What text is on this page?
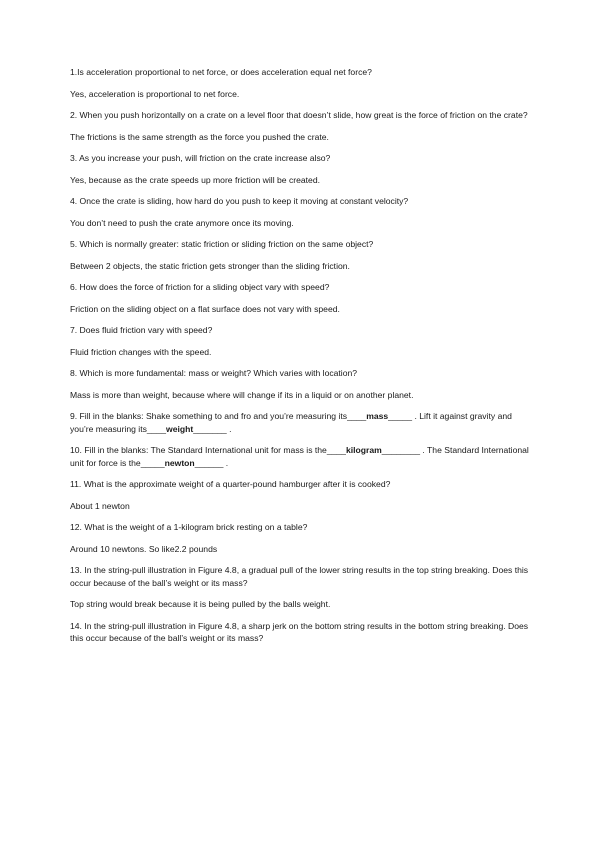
1.Is acceleration proportional to net force, or does acceleration equal net force?

Yes, acceleration is proportional to net force.

2. When you push horizontally on a crate on a level floor that doesn’t slide, how great is the force of friction on the crate?

The frictions is the same strength as the force you pushed the crate.

3. As you increase your push, will friction on the crate increase also?

Yes, because as the crate speeds up more friction will be created.

4. Once the crate is sliding, how hard do you push to keep it moving at constant velocity?

You don’t need to push the crate anymore once its moving.

5. Which is normally greater: static friction or sliding friction on the same object?

Between 2 objects, the static friction gets stronger than the sliding friction.

6. How does the force of friction for a sliding object vary with speed?

Friction on the sliding object on a flat surface does not vary with speed.

7. Does fluid friction vary with speed?

Fluid friction changes with the speed.

8. Which is more fundamental: mass or weight? Which varies with location?

Mass is more than weight, because where will change if its in a liquid or on another planet.

9. Fill in the blanks: Shake something to and fro and you’re measuring its____mass_____ . Lift it against gravity and you’re measuring its____weight_______ .

10. Fill in the blanks: The Standard International unit for mass is the____kilogram________ . The Standard International unit for force is the_____newton______ .

11. What is the approximate weight of a quarter-pound hamburger after it is cooked?

About 1 newton

12. What is the weight of a 1-kilogram brick resting on a table?

Around 10 newtons. So like2.2 pounds

13. In the string-pull illustration in Figure 4.8, a gradual pull of the lower string results in the top string breaking. Does this occur because of the ball’s weight or its mass?

Top string would break because it is being pulled by the balls weight.

14. In the string-pull illustration in Figure 4.8, a sharp jerk on the bottom string results in the bottom string breaking. Does this occur because of the ball’s weight or its mass?
